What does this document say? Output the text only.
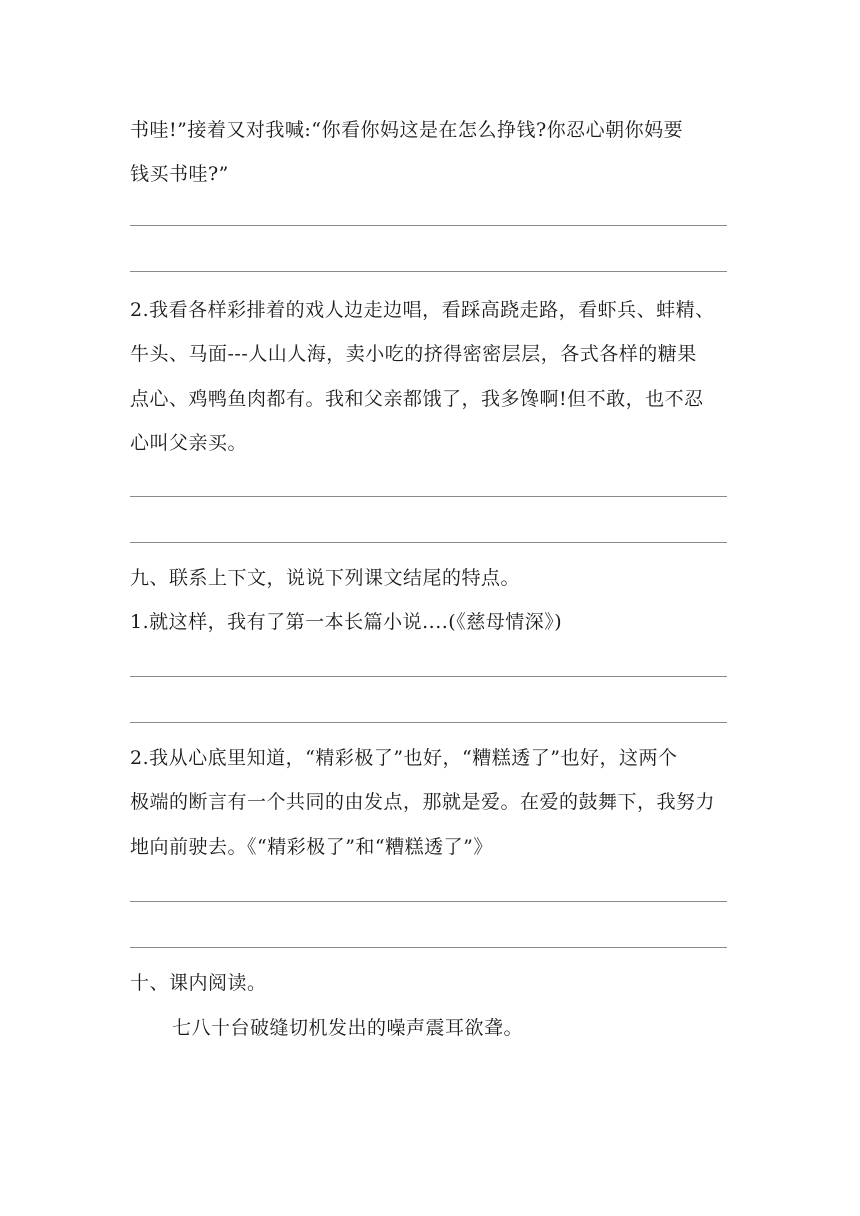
书哇!”接着又对我喊:“你看你妈这是在怎么挣钱?你忍心朝你妈要
钱买书哇?”
2.我看各样彩排着的戏人边走边唱，看踩高跷走路，看虾兵、蚌精、
牛头、马面---人山人海，卖小吃的挤得密密层层，各式各样的糖果
点心、鸡鸭鱼肉都有。我和父亲都饿了，我多馋啊!但不敢，也不忍
心叫父亲买。
九、联系上下文，说说下列课文结尾的特点。
1.就这样，我有了第一本长篇小说....(《慈母情深》)
2.我从心底里知道，“精彩极了”也好，“糟糕透了”也好，这两个
极端的断言有一个共同的由发点，那就是爱。在爱的鼓舞下，我努力
地向前驶去。《“精彩极了”和“糟糕透了”》
十、课内阅读。
七八十台破缝切机发出的噪声震耳欲聋。
